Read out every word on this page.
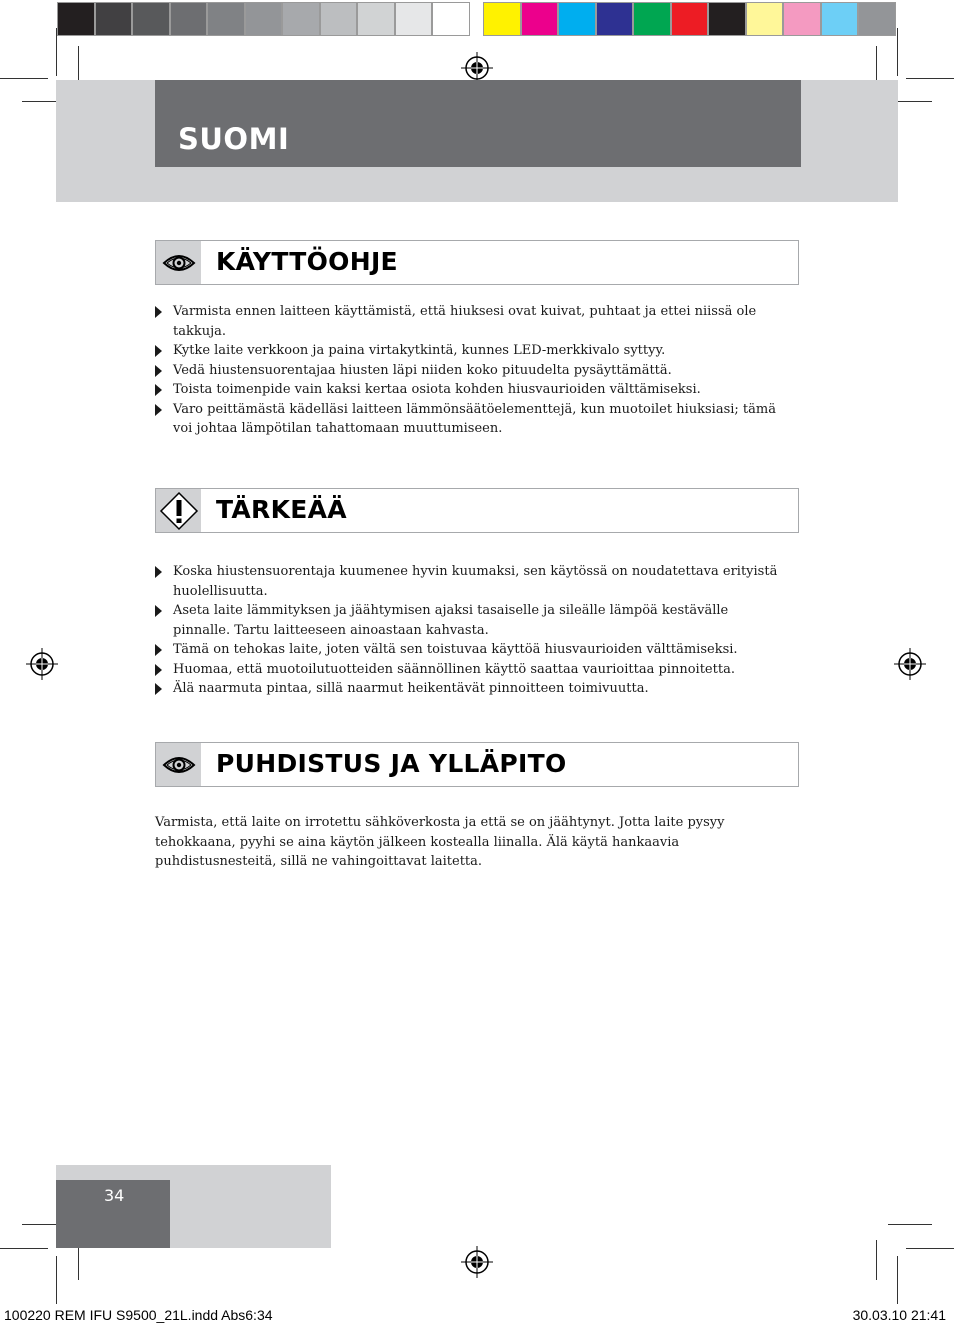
SUOMI
KÄYTTÖOHJE
Varmista ennen laitteen käyttämistä, että hiuksesi ovat kuivat, puhtaat ja ettei niissä ole takkuja.
Kytke laite verkkoon ja paina virtakytkintä, kunnes LED-merkkivalo syttyy.
Vedä hiustensuorentajaa hiusten läpi niiden koko pituudelta pysäyttämättä.
Toista toimenpide vain kaksi kertaa osiota kohden hiusvaurioiden välttämiseksi.
Varo peittämästä kädelläsi laitteen lämmönsäätöelementtejä, kun muotoilet hiuksiasi; tämä voi johtaa lämpötilan tahattomaan muuttumiseen.
TÄRKEÄÄ
Koska hiustensuorentaja kuumenee hyvin kuumaksi, sen käytössä on noudatettava erityistä huolellisuutta.
Aseta laite lämmityksen ja jäähtymisen ajaksi tasaiselle ja sileälle lämpöä kestävälle pinnalle. Tartu laitteeseen ainoastaan kahvasta.
Tämä on tehokas laite, joten vältä sen toistuvaa käyttöä hiusvaurioiden välttämiseksi.
Huomaa, että muotoilutuotteiden säännöllinen käyttö saattaa vaurioittaa pinnoitetta.
Älä naarmuta pintaa, sillä naarmut heikentävät pinnoitteen toimivuutta.
PUHDISTUS JA YLLÄPITO

Varmista, että laite on irrotettu sähköverkosta ja että se on jäähtynyt. Jotta laite pysyy tehokkaana, pyyhi se aina käytön jälkeen kostealla liinalla. Älä käytä hankaavia puhdistusnesteitä, sillä ne vahingoittavat laitetta.

34
100220 REM IFU S9500_21L.indd Abs6:34	30.03.10 21:41
